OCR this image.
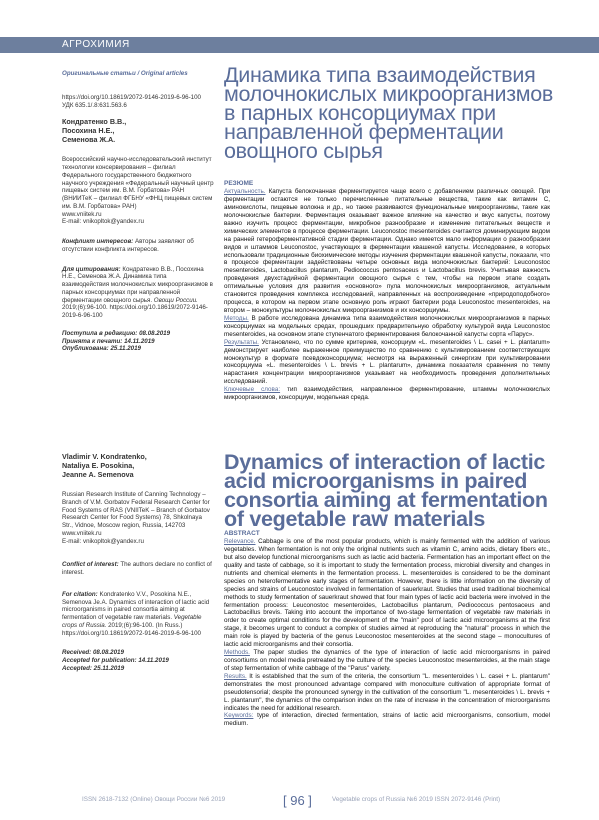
АГРОХИМИЯ

Оригинальные статьи / Original articles

https://doi.org/10.18619/2072-9146-2019-6-96-100

УДК 635.1/.8:631.563.6

Кондратенко В.В.,

Посохина Н.Е.,

Семенова Ж.А.

Всероссийский научно-исследовательский институт технологии консервирования – филиал Федерального государственного бюджетного научного учреждения «Федеральный научный центр пищевых систем им. В.М. Горбатова» РАН (ВНИИТеК – филиал ФГБНУ «ФНЦ пищевых систем им. В.М. Горбатова» РАН)

www.vniitek.ru

E-mail: vnikopltok@yandex.ru

Конфликт интересов: Авторы заявляют об отсутствии конфликта интересов.

Для цитирования: Кондратенко В.В., Посохина Н.Е., Семенова Ж.А. Динамика типа взаимодействия молочнокислых микроорганизмов в парных консорциумах при направленной ферментации овощного сырья. Овощи России. 2019;(6):96-100. https://doi.org/10.18619/2072-9146-2019-6-96-100

Поступила в редакцию: 08.08.2019

Принята к печати: 14.11.2019

Опубликована: 25.11.2019

Vladimir V. Kondratenko,

Nataliya E. Posokina,

Jeanne A. Semenova

Russian Research Institute of Canning Technology – Branch of V.M. Gorbatov Federal Research Center for Food Systems of RAS (VNIITeK – Branch of Gorbatov Research Center for Food Systems) 78, Shkolnaya Str., Vidnoe, Moscow region, Russia, 142703

www.vniitek.ru

E-mail: vnikopltok@yandex.ru

Conflict of interest: The authors declare no conflict of interest.

For citation: Kondratenko V.V., Posokina N.E., Semenova Je.A. Dynamics of interaction of lactic acid microorganisms in paired consortia aiming at fermentation of vegetable raw materials. Vegetable crops of Russia. 2019;(6):96-100. (In Russ.) https://doi.org/10.18619/2072-9146-2019-6-96-100

Received: 08.08.2019

Accepted for publication: 14.11.2019

Accepted: 25.11.2019

Динамика типа взаимодействия молочнокислых микроорганизмов в парных консорциумах при направленной ферментации овощного сырья

РЕЗЮМЕ

Актуальность. Капуста белокочанная ферментируется чаще всего с добавлением различных овощей. При ферментации остаются не только перечисленные питательные вещества, такие как витамин С, аминокислоты, пищевые волокна и др., но также развиваются функциональные микроорганизмы, такие как молочнокислые бактерии. Ферментация оказывает важное влияние на качество и вкус капусты, поэтому важно изучить процесс ферментации, микробное разнообразие и изменение питательных веществ и химических элементов в процессе ферментации. Leuconostoc mesenteroides считается доминирующим видом на ранней гетероферментативной стадии ферментации. Однако имеется мало информации о разнообразии видов и штаммов Leuconostoc, участвующих в ферментации квашеной капусты. Исследование, в которых использовали традиционные биохимические методы изучения ферментации квашеной капусты, показали, что в процессе ферментации задействованы четыре основных вида молочнокислых бактерий: Leuconostoc mesenteroides, Lactobacillus plantarum, Pediococcus pentosaceus и Lactobacillus brevis. Учитывая важность проведения двухстадийной ферментации овощного сырья с тем, чтобы на первом этапе создать оптимальные условия для развития «основного» пула молочнокислых микроорганизмов, актуальным становится проведения комплекса исследований, направленных на воспроизведение «природоподобного» процесса, в котором на первом этапе основную роль играют бактерии рода Leuconostoc mesenteroides, на втором – монокультуры молочнокислых микроорганизмов и их консорциумы.

Методы. В работе исследована динамика типа взаимодействия молочнокислых микроорганизмов в парных консорциумах на модельных средах, прошедших предварительную обработку культурой вида Leuconostoc mesenteroides, на основном этапе ступенчатого ферментирования белокочанной капусты сорта «Парус».

Результаты. Установлено, что по сумме критериев, консорциум «L. mesenteroides \ L. casei + L. plantarum» демонстрирует наиболее выраженное преимущество по сравнению с культивированием соответствующих монокультур в формате псевдоконсорциума; несмотря на выраженный синергизм при культивировании консорциума «L. mesenteroides \ L. brevis + L. plantarum», динамика показателя сравнения по темпу нарастания концентрации микроорганизмов указывает на необходимость проведения дополнительных исследований.

Ключевые слова: тип взаимодействия, направленное ферментирование, штаммы молочнокислых микроорганизмов, консорциум, модельная среда.

Dynamics of interaction of lactic acid microorganisms in paired consortia aiming at fermentation of vegetable raw materials

ABSTRACT

Relevance. Cabbage is one of the most popular products, which is mainly fermented with the addition of various vegetables. When fermentation is not only the original nutrients such as vitamin C, amino acids, dietary fibers etc., but also develop functional microorganisms such as lactic acid bacteria. Fermentation has an important effect on the quality and taste of cabbage, so it is important to study the fermentation process, microbial diversity and changes in nutrients and chemical elements in the fermentation process. L. mesenteroides is considered to be the dominant species on heterofermentative early stages of fermentation. However, there is little information on the diversity of species and strains of Leuconostoc involved in fermentation of sauerkraut. Studies that used traditional biochemical methods to study fermentation of sauerkraut showed that four main types of lactic acid bacteria were involved in the fermentation process: Leuconostoc mesenteroides, Lactobacillus plantarum, Pediococcus pentosaceus and Lactobacillus brevis. Taking into account the importance of two-stage fermentation of vegetable raw materials in order to create optimal conditions for the development of the "main" pool of lactic acid microorganisms at the first stage, it becomes urgent to conduct a complex of studies aimed at reproducing the "natural" process in which the main role is played by bacteria of the genus Leuconostoc mesenteroides at the second stage – monocultures of lactic acid microorganisms and their consortia.

Methods. The paper studies the dynamics of the type of interaction of lactic acid microorganisms in paired consortiums on model media pretreated by the culture of the species Leuconostoc mesenteroides, at the main stage of step fermentation of white cabbage of the "Parus" variety.

Results. It is established that the sum of the criteria, the consortium "L. mesenteroides \ L. casei + L. plantarum" demonstrates the most pronounced advantage compared with monoculture cultivation of appropriate format of pseudotensorial; despite the pronounced synergy in the cultivation of the consortium "L. mesenteroides \ L. brevis + L. plantarum", the dynamics of the comparison index on the rate of increase in the concentration of microorganisms indicates the need for additional research.

Keywords: type of interaction, directed fermentation, strains of lactic acid microorganisms, consortium, model medium.

ISSN 2618-7132 (Online) Овощи России №6 2019	[ 96 ]	Vegetable crops of Russia №6 2019 ISSN 2072-9146 (Print)
